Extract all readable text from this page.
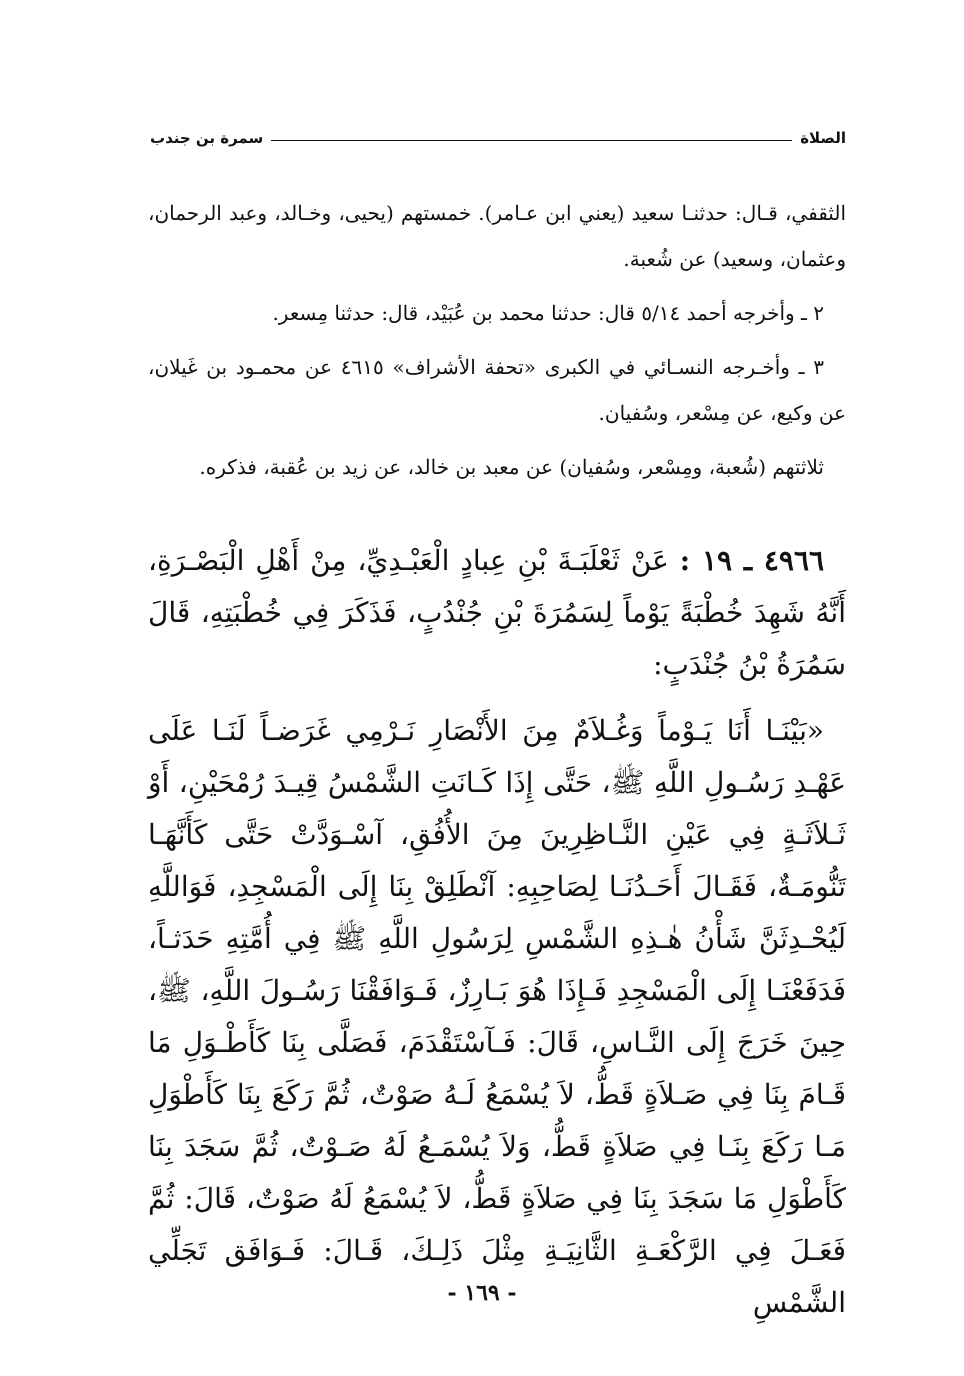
الصلاة
سمرة بن جندب

الثقفي، قـال: حدثنـا سعيد (يعني ابن عـامر). خمستهم (يحيى، وخـالد، وعبد الرحمان، وعثمان، وسعيد) عن شُعبة.

٢ ـ وأخرجه أحمد ٥/١٤ قال: حدثنا محمد بن عُبَيْد، قال: حدثنا مِسعر.

٣ ـ وأخـرجه النسـائي في الكبرى «تحفة الأشراف» ٤٦١٥ عن محمـود بن غَيلان، عن وكيع، عن مِسْعر، وسُفيان.

ثلاثتهم (شُعبة، ومِسْعر، وسُفيان) عن معبد بن خالد، عن زيد بن عُقبة، فذكره.

٤٩٦٦ ـ ١٩ : عَنْ ثَعْلَبَـةَ بْنِ عِبادٍ الْعَبْـدِيِّ، مِنْ أَهْلِ الْبَصْـرَةِ، أَنَّهُ شَهِدَ خُطْبَةً يَوْماً لِسَمُرَةَ بْنِ جُنْدُبٍ، فَذَكَرَ فِي خُطْبَتِهِ، قَالَ سَمُرَةُ بْنُ جُنْدَبٍ:

«بَيْنَـا أَنَا يَـوْماً وَغُـلاَمٌ مِنَ الأَنْصَارِ نَـرْمِي غَرَضـاً لَنَـا عَلَى عَهْـدِ رَسُـولِ اللَّهِ ﷺ، حَتَّى إِذَا كَـانَتِ الشَّمْسُ قِيـدَ رُمْحَيْنِ، أَوْ ثَـلاَثَـةٍ فِي عَيْنِ النَّـاظِرِينَ مِنَ الأُفُقِ، آسْـوَدَّتْ حَتَّى كَأَنَّهَـا تَنُّومَـةٌ، فَقَـالَ أَحَـدُنَـا لِصَاحِبِهِ: آنْطَلِقْ بِنَا إِلَى الْمَسْجِدِ، فَوَاللَّهِ لَيُحْـدِثَنَّ شَأْنُ هٰـذِهِ الشَّمْسِ لِرَسُولِ اللَّهِ ﷺ فِي أُمَّتِهِ حَدَثـاً، فَدَفَعْنَـا إِلَى الْمَسْجِدِ فَـإِذَا هُوَ بَـارِزٌ، فَـوَافَقْنَا رَسُـولَ اللَّهِ، ﷺ، حِينَ خَرَجَ إِلَى النَّـاسِ، قَالَ: فَـآسْتَقْدَمَ، فَصَلَّى بِنَا كَأَطْـوَلِ مَا قَـامَ بِنَا فِي صَـلاَةٍ قَطُّ، لاَ يُسْمَعُ لَـهُ صَوْتٌ، ثُمَّ رَكَعَ بِنَا كَأَطْوَلِ مَـا رَكَعَ بِنَـا فِي صَلاَةٍ قَطُّ، وَلاَ يُسْمَـعُ لَهُ صَـوْتٌ، ثُمَّ سَجَدَ بِنَا كَأَطْوَلِ مَا سَجَدَ بِنَا فِي صَلاَةٍ قَطُّ، لاَ يُسْمَعُ لَهُ صَوْتٌ، قَالَ: ثُمَّ فَعَـلَ فِي الرَّكْعَـةِ الثَّانِيَـةِ مِثْلَ ذَلِـكَ، قَـالَ: فَـوَافَق تَجَلِّي الشَّمْسِ

- ١٦٩ -
